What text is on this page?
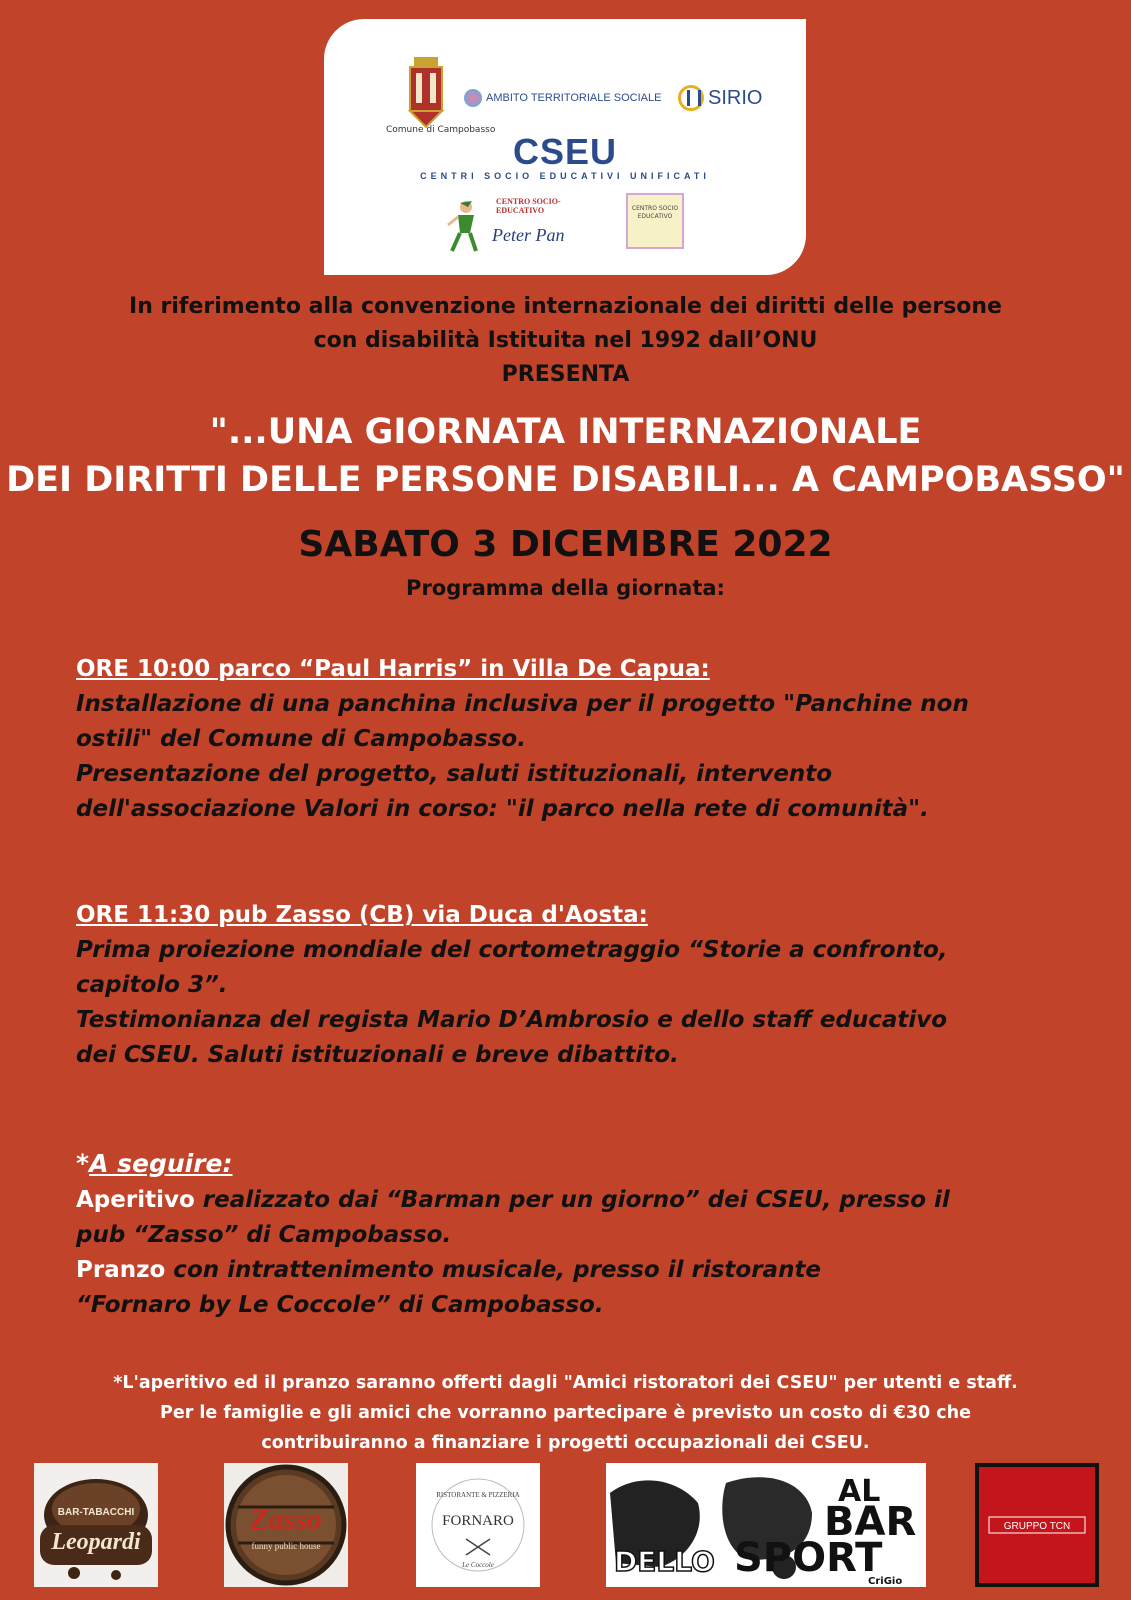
Comune di Campobasso
AMBITO TERRITORIALE SOCIALE SIRIO
CSEU
CENTRI SOCIO EDUCATIVI UNIFICATI
CENTRO SOCIO-EDUCATIVO
Peter Pan
CENTRO SOCIO EDUCATIVO
In riferimento alla convenzione internazionale dei diritti delle persone
con disabilità Istituita nel 1992 dall’ONU
PRESENTA
"...UNA GIORNATA INTERNAZIONALE
DEI DIRITTI DELLE PERSONE DISABILI... A CAMPOBASSO"
SABATO 3 DICEMBRE 2022
Programma della giornata:
ORE 10:00 parco “Paul Harris” in Villa De Capua:
Installazione di una panchina inclusiva per il progetto "Panchine non
ostili" del Comune di Campobasso.
Presentazione del progetto, saluti istituzionali, intervento
dell'associazione Valori in corso: "il parco nella rete di comunità".
ORE 11:30 pub Zasso (CB) via Duca d'Aosta:
Prima proiezione mondiale del cortometraggio “Storie a confronto,
capitolo 3”.
Testimonianza del regista Mario D’Ambrosio e dello staff educativo
dei CSEU. Saluti istituzionali e breve dibattito.
*A seguire:
Aperitivo realizzato dai “Barman per un giorno” dei CSEU, presso il
pub “Zasso” di Campobasso.
Pranzo con intrattenimento musicale, presso il ristorante
“Fornaro by Le Coccole” di Campobasso.
*L'aperitivo ed il pranzo saranno offerti dagli "Amici ristoratori dei CSEU" per utenti e staff.
Per le famiglie e gli amici che vorranno partecipare è previsto un costo di €30 che
contribuiranno a finanziare i progetti occupazionali dei CSEU.
BAR-TABACCHI
Leopardi
Zasso
funny public house
RISTORANTE & PIZZERIA
FORNARO
Le Coccole
AL
BAR
DELLO SPORT
CriGio
GRUPPO TCN
